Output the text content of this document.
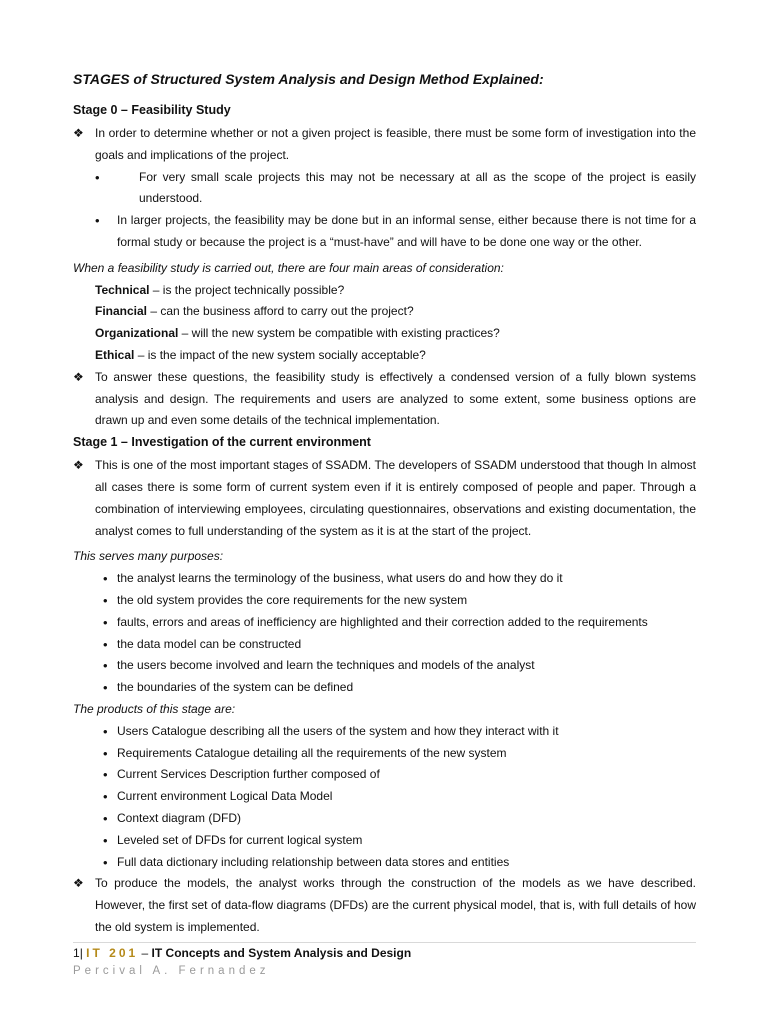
STAGES of Structured System Analysis and Design Method Explained:
Stage 0 – Feasibility Study
❖ In order to determine whether or not a given project is feasible, there must be some form of investigation into the goals and implications of the project.
•	For very small scale projects this may not be necessary at all as the scope of the project is easily understood.
• In larger projects, the feasibility may be done but in an informal sense, either because there is not time for a formal study or because the project is a “must-have” and will have to be done one way or the other.
When a feasibility study is carried out, there are four main areas of consideration:
Technical – is the project technically possible?
Financial – can the business afford to carry out the project?
Organizational – will the new system be compatible with existing practices?
Ethical – is the impact of the new system socially acceptable?
❖ To answer these questions, the feasibility study is effectively a condensed version of a fully blown systems analysis and design. The requirements and users are analyzed to some extent, some business options are drawn up and even some details of the technical implementation.
Stage 1 – Investigation of the current environment
❖ This is one of the most important stages of SSADM. The developers of SSADM understood that though In almost all cases there is some form of current system even if it is entirely composed of people and paper. Through a combination of interviewing employees, circulating questionnaires, observations and existing documentation, the analyst comes to full understanding of the system as it is at the start of the project.
This serves many purposes:
• the analyst learns the terminology of the business, what users do and how they do it
• the old system provides the core requirements for the new system
• faults, errors and areas of inefficiency are highlighted and their correction added to the requirements
• the data model can be constructed
• the users become involved and learn the techniques and models of the analyst
• the boundaries of the system can be defined
The products of this stage are:
• Users Catalogue describing all the users of the system and how they interact with it
• Requirements Catalogue detailing all the requirements of the new system
• Current Services Description further composed of
• Current environment Logical Data Model
• Context diagram (DFD)
• Leveled set of DFDs for current logical system
• Full data dictionary including relationship between data stores and entities
❖ To produce the models, the analyst works through the construction of the models as we have described. However, the first set of data-flow diagrams (DFDs) are the current physical model, that is, with full details of how the old system is implemented.
1| IT 201 – IT Concepts and System Analysis and Design
Percival A. Fernandez
